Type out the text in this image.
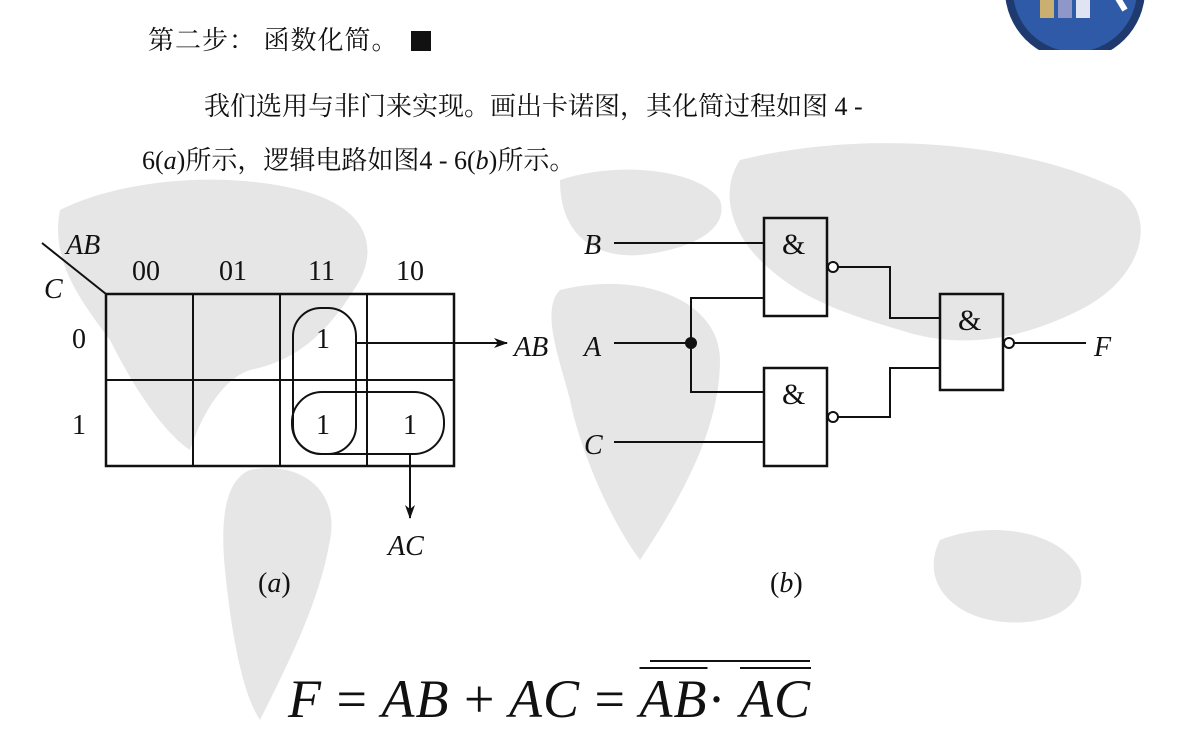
第二步： 函数化简。
我们选用与非门来实现。画出卡诺图，其化简过程如图 4 -
6(a)所示，逻辑电路如图4 - 6(b)所示。
AB
C
00 01 11 10
0
1
1
1	1
AB
AC
(a)
B
A
C
&
&
&
F
(b)
F = AB + AC = $\overline{AB}\cdot \overline{AC}$
